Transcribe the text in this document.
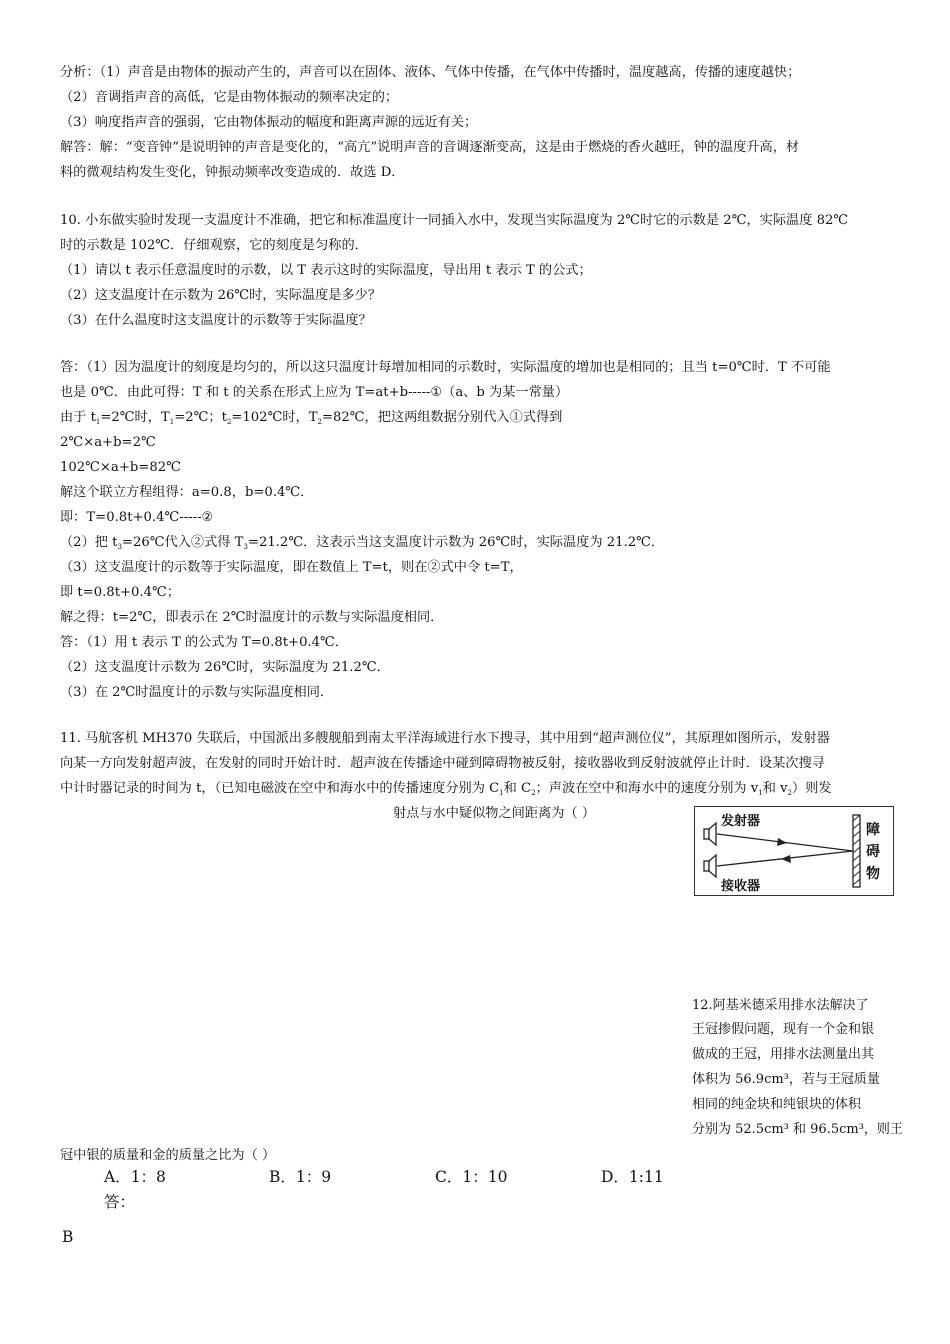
分析：（1）声音是由物体的振动产生的，声音可以在固体、液体、气体中传播，在气体中传播时，温度越高，传播的速度越快；
（2）音调指声音的高低，它是由物体振动的频率决定的；
（3）响度指声音的强弱，它由物体振动的幅度和距离声源的远近有关；
解答：解：“变音钟”是说明钟的声音是变化的，“高亢”说明声音的音调逐渐变高，这是由于燃烧的香火越旺，钟的温度升高，材
料的微观结构发生变化，钟振动频率改变造成的．故选 D．
10. 小东做实验时发现一支温度计不准确，把它和标准温度计一同插入水中，发现当实际温度为 2℃时它的示数是 2℃，实际温度 82℃
时的示数是 102℃．仔细观察，它的刻度是匀称的．
（1）请以 t 表示任意温度时的示数，以 T 表示这时的实际温度，导出用 t 表示 T 的公式；
（2）这支温度计在示数为 26℃时，实际温度是多少？
（3）在什么温度时这支温度计的示数等于实际温度？
答：（1）因为温度计的刻度是均匀的，所以这只温度计每增加相同的示数时，实际温度的增加也是相同的；且当 t=0℃时．T 不可能
也是 0℃．由此可得：T 和 t 的关系在形式上应为 T=at+b-----①（a、b 为某一常量）
由于 $t_1=2℃$时，$T_1=2℃$；$t_2=102℃$时，$T_2=82℃$，把这两组数据分别代入①式得到
2℃×a+b=2℃
102℃×a+b=82℃
解这个联立方程组得：a=0.8，b=0.4℃．
即：T=0.8t+0.4℃-----②
（2）把 $t_3=26℃$代入②式得 $T_3=21.2℃$．这表示当这支温度计示数为 26℃时，实际温度为 21.2℃．
（3）这支温度计的示数等于实际温度，即在数值上 T=t，则在②式中令 t=T，
即 t=0.8t+0.4℃；
解之得：t=2℃，即表示在 2℃时温度计的示数与实际温度相同．
答：（1）用 t 表示 T 的公式为 T=0.8t+0.4℃．
（2）这支温度计示数为 26℃时，实际温度为 21.2℃．
（3）在 2℃时温度计的示数与实际温度相同．
11. 马航客机 MH370 失联后，中国派出多艘舰船到南太平洋海域进行水下搜寻，其中用到“超声测位仪”，其原理如图所示，发射器
向某一方向发射超声波，在发射的同时开始计时．超声波在传播途中碰到障碍物被反射，接收器收到反射波就停止计时．设某次搜寻
中计时器记录的时间为 t，（已知电磁波在空中和海水中的传播速度分别为 $C_1$和 $C_2$；声波在空中和海水中的速度分别为 $v_1$和 $v_2$）则发
射点与水中疑似物之间距离为（ ）
发射器
接收器
障
碍
物
12.阿基米德采用排水法解决了
王冠掺假问题，现有一个金和银
做成的王冠，用排水法测量出其
体积为 56.9cm³，若与王冠质量
相同的纯金块和纯银块的体积
分别为 52.5cm³ 和 96.5cm³，则王
冠中银的质量和金的质量之比为（ ）
A．1：8	B．1：9	C．1：10	D．1:11
答：
B
